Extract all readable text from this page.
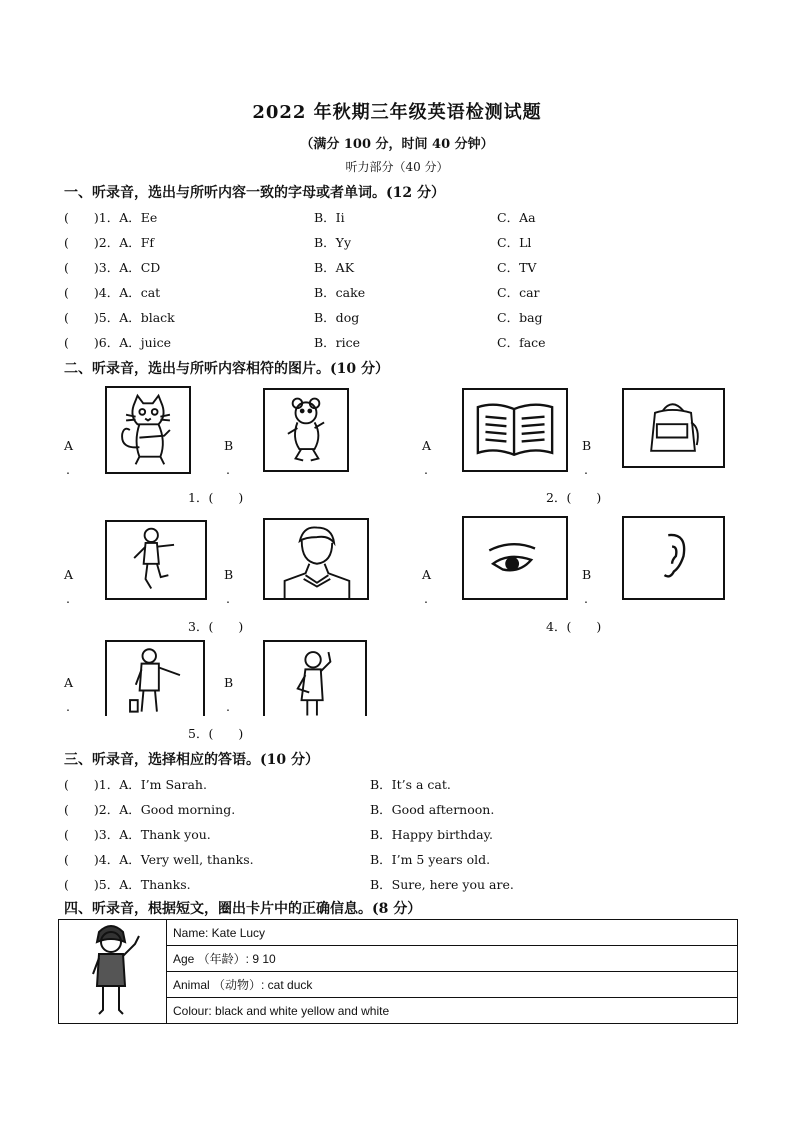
2022 年秋期三年级英语检测试题
（满分 100 分，时间 40 分钟）
听力部分（40 分）
一、听录音，选出与所听内容一致的字母或者单词。(12 分）
(　　)1．A．Ee	B．Ii	C．Aa
(　　)2．A．Ff	B．Yy	C．Ll
(　　)3．A．CD	B．AK	C．TV
(　　)4．A．cat	B．cake	C．car
(　　)5．A．black	B．dog	C．bag
(　　)6．A．juice	B．rice	C．face
二、听录音，选出与所听内容相符的图片。(10 分）
A
.
B
.
1．(　　)
A
.
B
.
2．(　　)
A
.
B
.
3．(　　)
A
.
B
.
4．(　　)
A
.
B
.
5．(　　)
三、听录音，选择相应的答语。(10 分）
(　　)1．A．I’m Sarah.	B．It’s a cat.
(　　)2．A．Good morning.	B．Good afternoon.
(　　)3．A．Thank you.	B．Happy birthday.
(　　)4．A．Very well, thanks.	B．I’m 5 years old.
(　　)5．A．Thanks.	B．Sure, here you are.
四、听录音，根据短文，圈出卡片中的正确信息。(8 分）
	Name: Kate Lucy
Age （年龄）: 9 10
Animal （动物）: cat duck
Colour: black and white yellow and white
